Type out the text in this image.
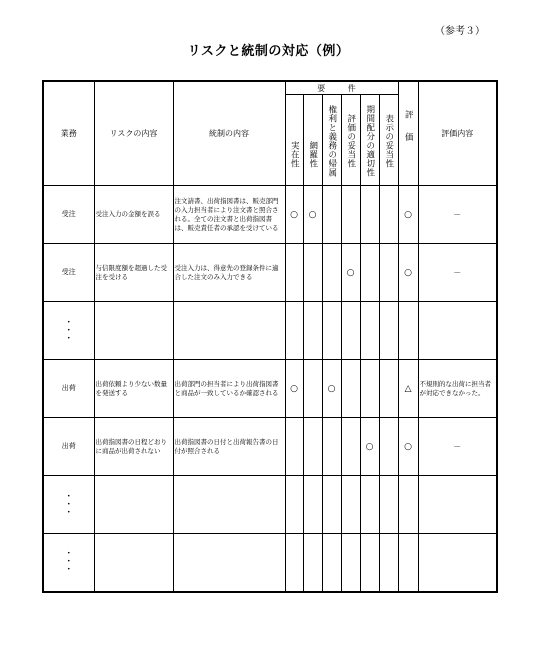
（参考３）
リスクと統制の対応（例）
業務	リスクの内容	統制の内容	要 件						評価	評価内容
			実在性	網羅性	権利と義務の帰属	評価の妥当性	期間配分の適切性	表示の妥当性		
受注	受注入力の金額を誤る	注文請書、出荷指図書は、販売部門の入力担当者により注文書と照合される。全ての注文書と出荷指図書は、販売責任者の承認を受けている	○	○					○	－
受注	与信限度額を超過した受注を受ける	受注入力は、得意先の登録条件に適合した注文のみ入力できる				○			○	－
・
・
・										
出荷	出荷依頼より少ない数量を発送する	出荷部門の担当者により出荷指図書と商品が一致しているか確認される	○		○				△	不規則的な出荷に担当者が対応できなかった。
出荷	出荷指図書の日程どおりに商品が出荷されない	出荷指図書の日付と出荷報告書の日付が照合される					○		○	－
・
・
・										
・
・
・										
